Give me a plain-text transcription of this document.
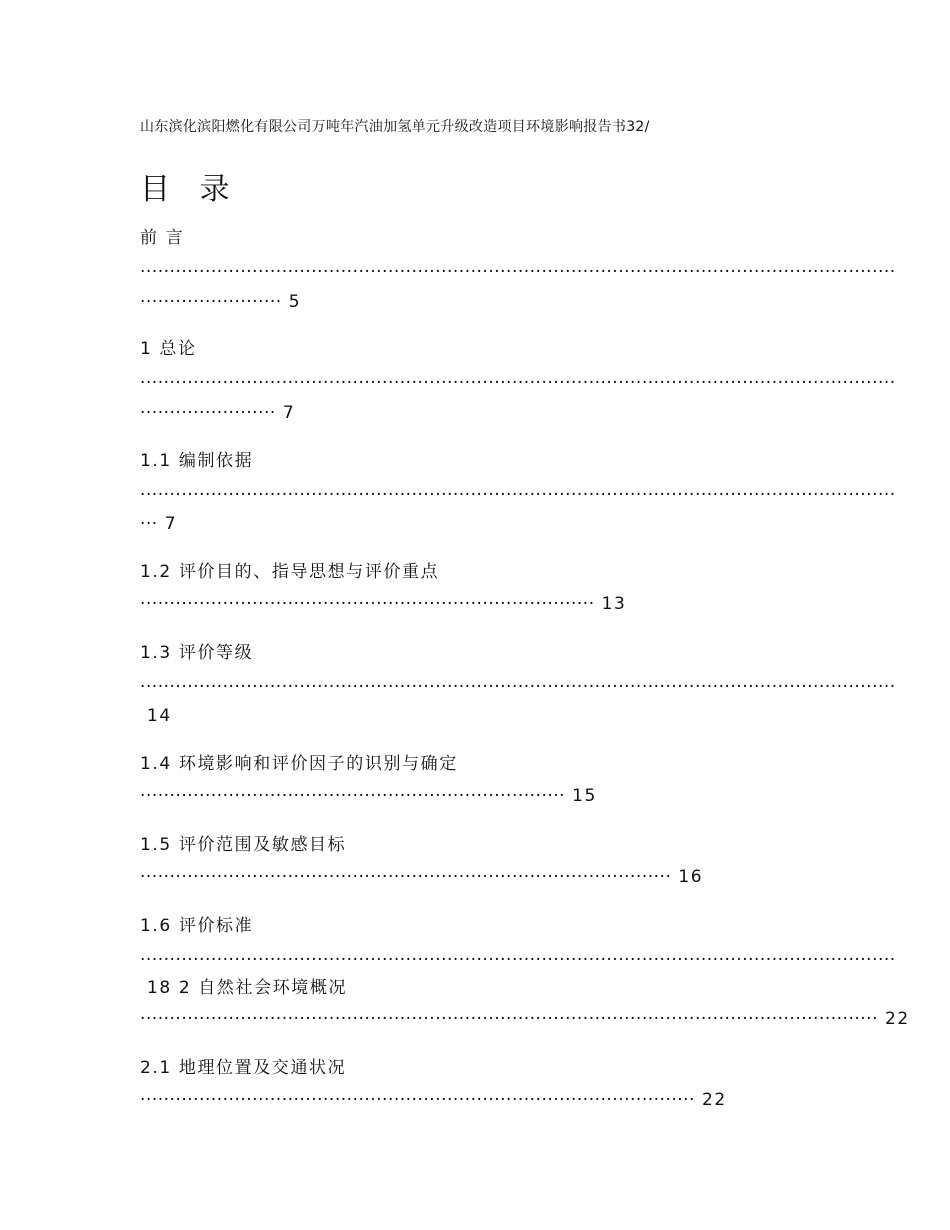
山东滨化滨阳燃化有限公司万吨年汽油加氢单元升级改造项目环境影响报告书32/
目 录
前 言
································································································································
························ 5
1 总论
································································································································
······················· 7
1.1 编制依据
································································································································
··· 7
1.2 评价目的、指导思想与评价重点
············································································· 13
1.3 评价等级
································································································································
14
1.4 环境影响和评价因子的识别与确定
········································································ 15
1.5 评价范围及敏感目标
·························································································· 16
1.6 评价标准
································································································································
18 2 自然社会环境概况
····························································································································· 22
2.1 地理位置及交通状况
······························································································ 22
